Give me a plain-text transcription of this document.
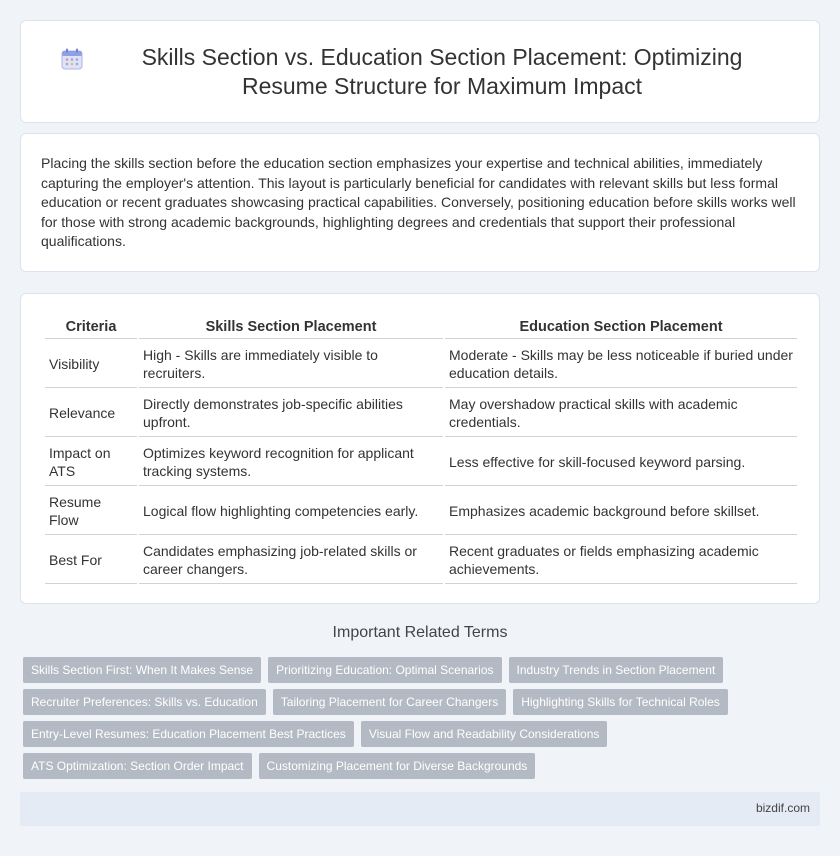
Skills Section vs. Education Section Placement: Optimizing Resume Structure for Maximum Impact

Placing the skills section before the education section emphasizes your expertise and technical abilities, immediately capturing the employer's attention. This layout is particularly beneficial for candidates with relevant skills but less formal education or recent graduates showcasing practical capabilities. Conversely, positioning education before skills works well for those with strong academic backgrounds, highlighting degrees and credentials that support their professional qualifications.

Criteria	Skills Section Placement	Education Section Placement
Visibility	High - Skills are immediately visible to recruiters.	Moderate - Skills may be less noticeable if buried under education details.
Relevance	Directly demonstrates job-specific abilities upfront.	May overshadow practical skills with academic credentials.
Impact on ATS	Optimizes keyword recognition for applicant tracking systems.	Less effective for skill-focused keyword parsing.
Resume Flow	Logical flow highlighting competencies early.	Emphasizes academic background before skillset.
Best For	Candidates emphasizing job-related skills or career changers.	Recent graduates or fields emphasizing academic achievements.
Important Related Terms
Skills Section First: When It Makes Sense	Prioritizing Education: Optimal Scenarios	Industry Trends in Section Placement
Recruiter Preferences: Skills vs. Education	Tailoring Placement for Career Changers	Highlighting Skills for Technical Roles
Entry-Level Resumes: Education Placement Best Practices	Visual Flow and Readability Considerations
ATS Optimization: Section Order Impact	Customizing Placement for Diverse Backgrounds
bizdif.com
